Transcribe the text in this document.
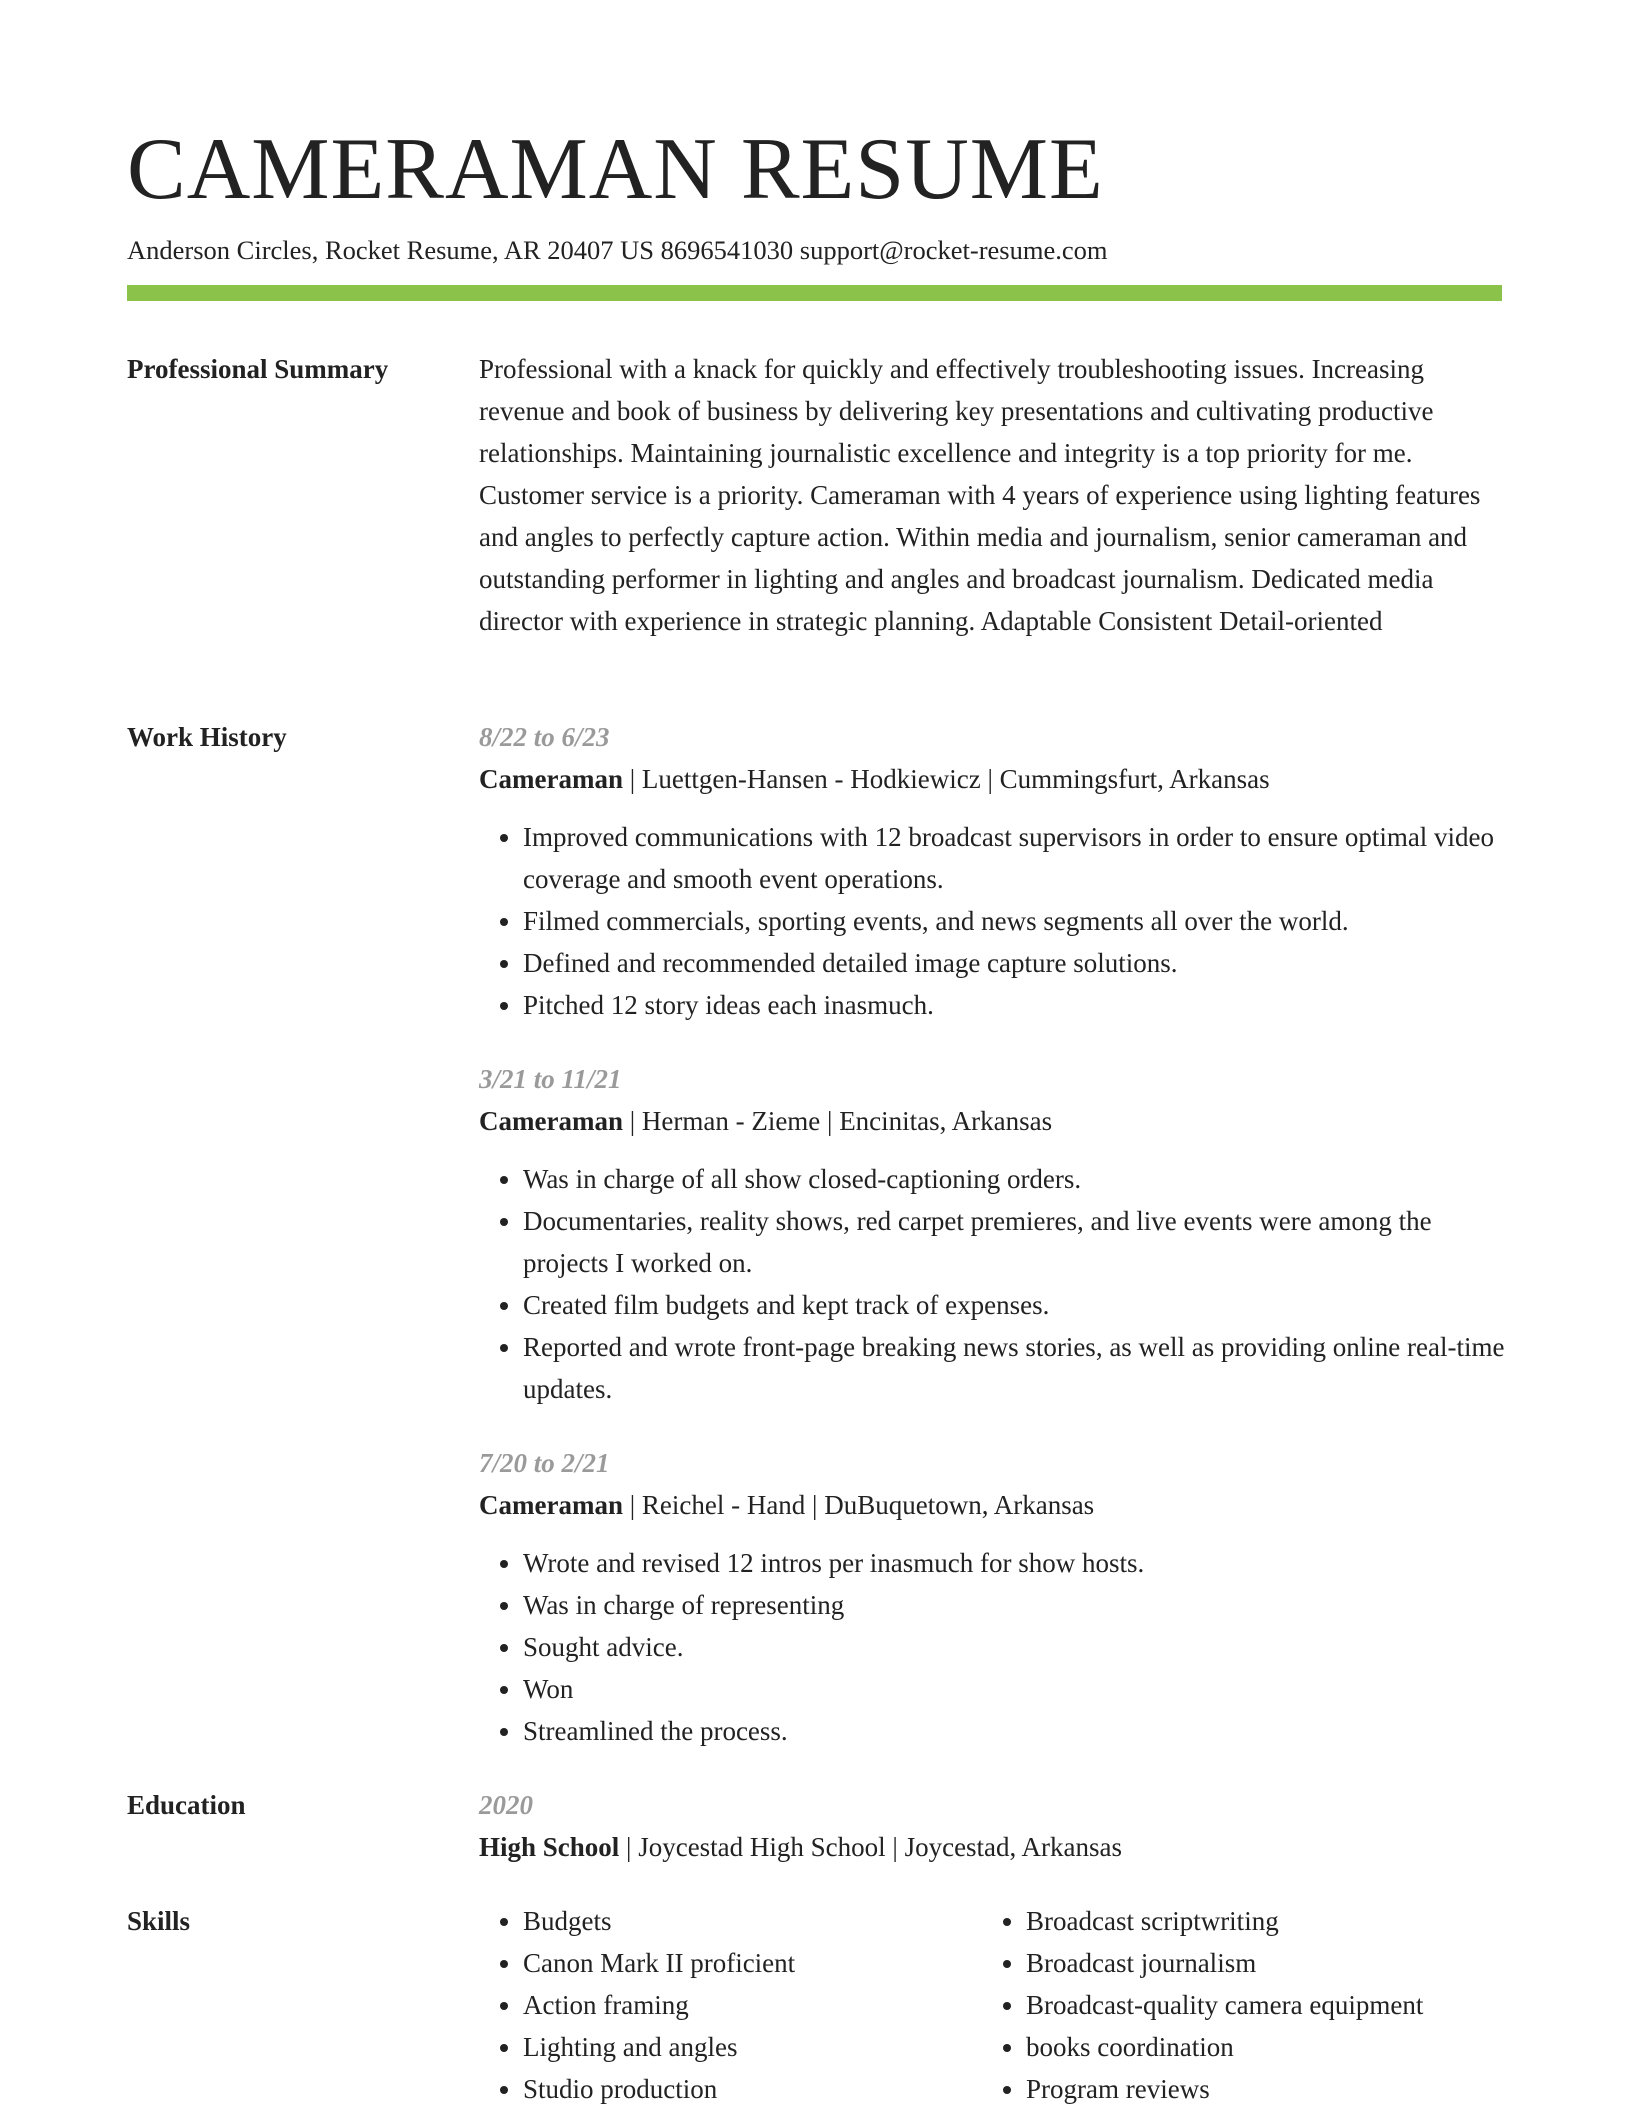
CAMERAMAN RESUME
Anderson Circles, Rocket Resume, AR 20407 US 8696541030 support@rocket-resume.com
Professional Summary	Professional with a knack for quickly and effectively troubleshooting issues. Increasing revenue and book of business by delivering key presentations and cultivating productive relationships. Maintaining journalistic excellence and integrity is a top priority for me. Customer service is a priority. Cameraman with 4 years of experience using lighting features and angles to perfectly capture action. Within media and journalism, senior cameraman and outstanding performer in lighting and angles and broadcast journalism. Dedicated media director with experience in strategic planning. Adaptable Consistent Detail-oriented

Work History	8/22 to 6/23
Cameraman | Luettgen-Hansen - Hodkiewicz | Cummingsfurt, Arkansas
• Improved communications with 12 broadcast supervisors in order to ensure optimal video coverage and smooth event operations.
• Filmed commercials, sporting events, and news segments all over the world.
• Defined and recommended detailed image capture solutions.
• Pitched 12 story ideas each inasmuch.
3/21 to 11/21
Cameraman | Herman - Zieme | Encinitas, Arkansas
• Was in charge of all show closed-captioning orders.
• Documentaries, reality shows, red carpet premieres, and live events were among the projects I worked on.
• Created film budgets and kept track of expenses.
• Reported and wrote front-page breaking news stories, as well as providing online real-time updates.
7/20 to 2/21
Cameraman | Reichel - Hand | DuBuquetown, Arkansas
• Wrote and revised 12 intros per inasmuch for show hosts.
• Was in charge of representing
• Sought advice.
• Won
• Streamlined the process.
Education	2020
High School | Joycestad High School | Joycestad, Arkansas
Skills
•	Budgets
• Canon Mark II proficient
• Action framing
• Lighting and angles
• Studio production
• Broadcast scriptwriting
• Broadcast journalism
• Broadcast-quality camera equipment
• books coordination
• Program reviews
